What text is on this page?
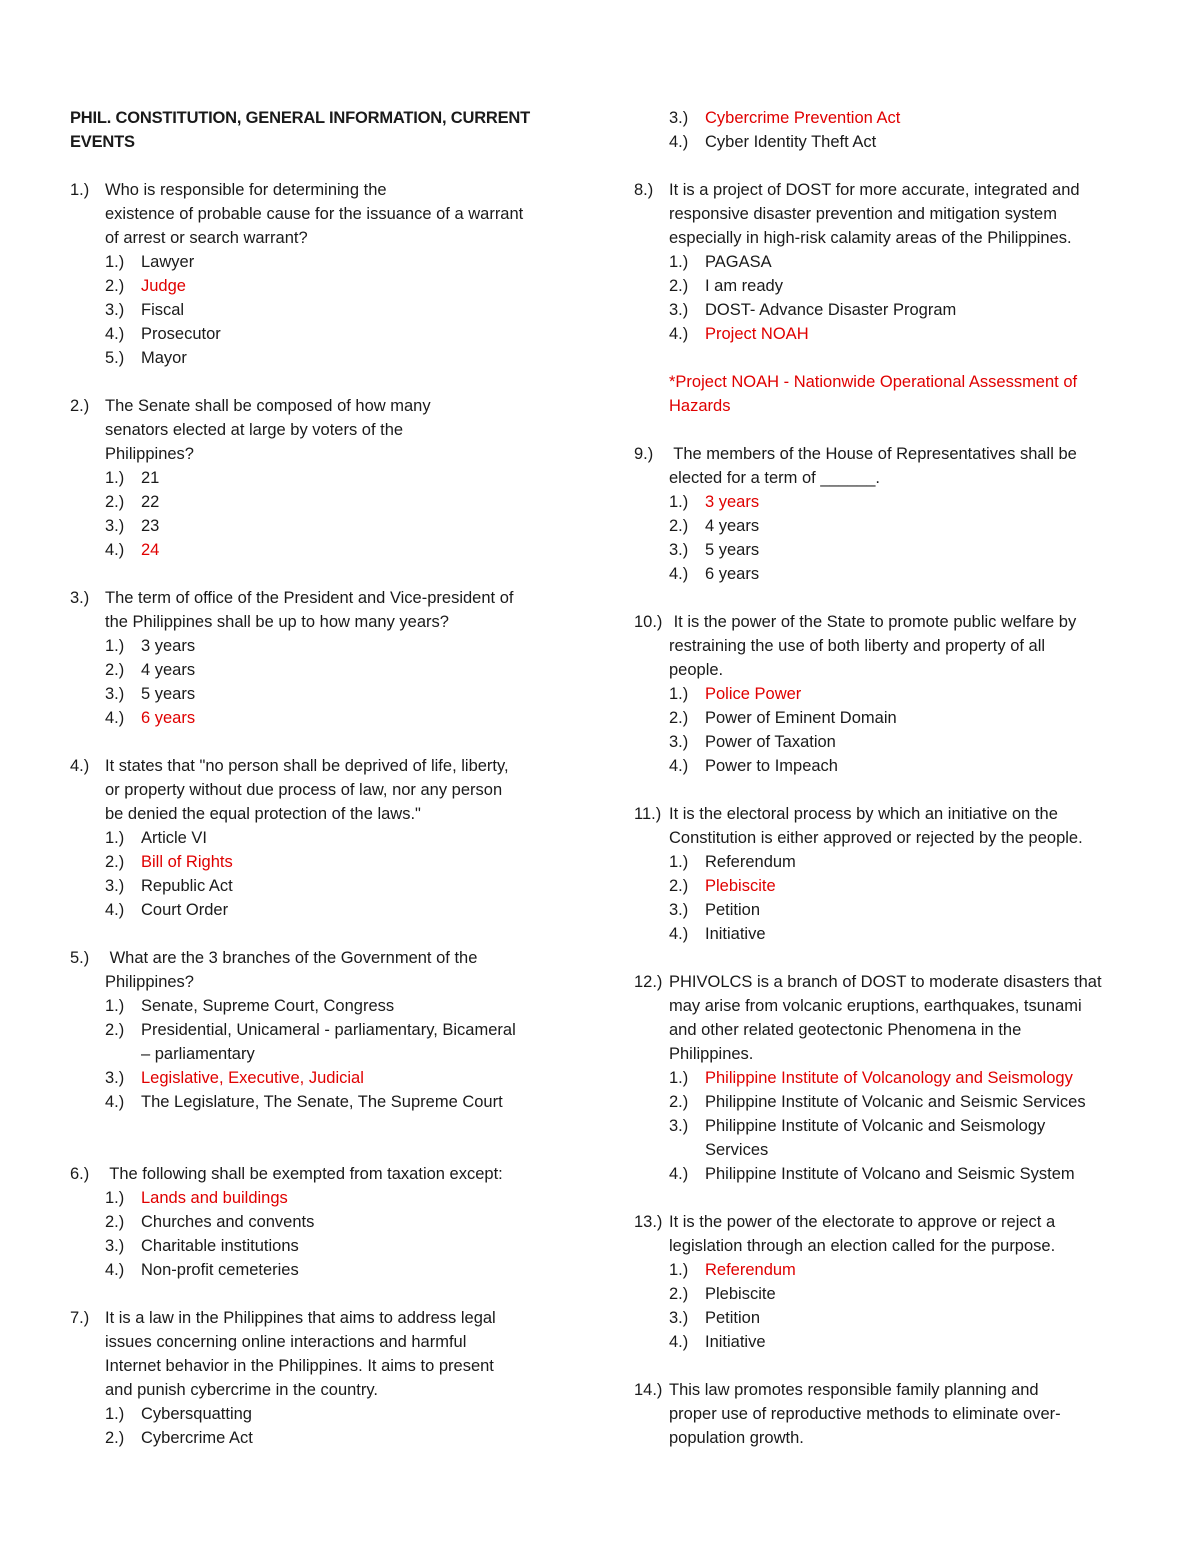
PHIL. CONSTITUTION, GENERAL INFORMATION, CURRENT
EVENTS
1.) Who is responsible for determining the
existence of probable cause for the issuance of a warrant
of arrest or search warrant?
1.)	Lawyer
2.)	Judge
3.)	Fiscal
4.)	Prosecutor
5.)	Mayor
2.) The Senate shall be composed of how many
senators elected at large by voters of the
Philippines?
1.)	21
2.)	22
3.)	23
4.)	24
3.) The term of office of the President and Vice-president of
the Philippines shall be up to how many years?
1.)	3 years
2.)	4 years
3.)	5 years
4.)	6 years
4.) It states that "no person shall be deprived of life, liberty,
or property without due process of law, nor any person
be denied the equal protection of the laws."
1.)	Article VI
2.)	Bill of Rights
3.)	Republic Act
4.)	Court Order
5.) What are the 3 branches of the Government of the
Philippines?
1.)	Senate, Supreme Court, Congress
2.)	Presidential, Unicameral - parliamentary, Bicameral
– parliamentary
3.)	Legislative, Executive, Judicial
4.)	The Legislature, The Senate, The Supreme Court
6.) The following shall be exempted from taxation except:
1.)	Lands and buildings
2.)	Churches and convents
3.)	Charitable institutions
4.)	Non-profit cemeteries
7.) It is a law in the Philippines that aims to address legal
issues concerning online interactions and harmful
Internet behavior in the Philippines. It aims to present
and punish cybercrime in the country.
1.)	Cybersquatting
2.)	Cybercrime Act
3.)	Cybercrime Prevention Act
4.)	Cyber Identity Theft Act
8.) It is a project of DOST for more accurate, integrated and
responsive disaster prevention and mitigation system
especially in high-risk calamity areas of the Philippines.
1.)	PAGASA
2.)	I am ready
3.)	DOST- Advance Disaster Program
4.)	Project NOAH
*Project NOAH - Nationwide Operational Assessment of
Hazards
9.) The members of the House of Representatives shall be
elected for a term of ______.
1.)	3 years
2.)	4 years
3.)	5 years
4.)	6 years
10.) It is the power of the State to promote public welfare by
restraining the use of both liberty and property of all
people.
1.)	Police Power
2.)	Power of Eminent Domain
3.)	Power of Taxation
4.)	Power to Impeach
11.) It is the electoral process by which an initiative on the
Constitution is either approved or rejected by the people.
1.)	Referendum
2.)	Plebiscite
3.)	Petition
4.)	Initiative
12.) PHIVOLCS is a branch of DOST to moderate disasters that
may arise from volcanic eruptions, earthquakes, tsunami
and other related geotectonic Phenomena in the
Philippines.
1.)	Philippine Institute of Volcanology and Seismology
2.)	Philippine Institute of Volcanic and Seismic Services
3.)	Philippine Institute of Volcanic and Seismology
Services
4.)	Philippine Institute of Volcano and Seismic System
13.) It is the power of the electorate to approve or reject a
legislation through an election called for the purpose.
1.)	Referendum
2.)	Plebiscite
3.)	Petition
4.)	Initiative
14.) This law promotes responsible family planning and
proper use of reproductive methods to eliminate over-
population growth.
